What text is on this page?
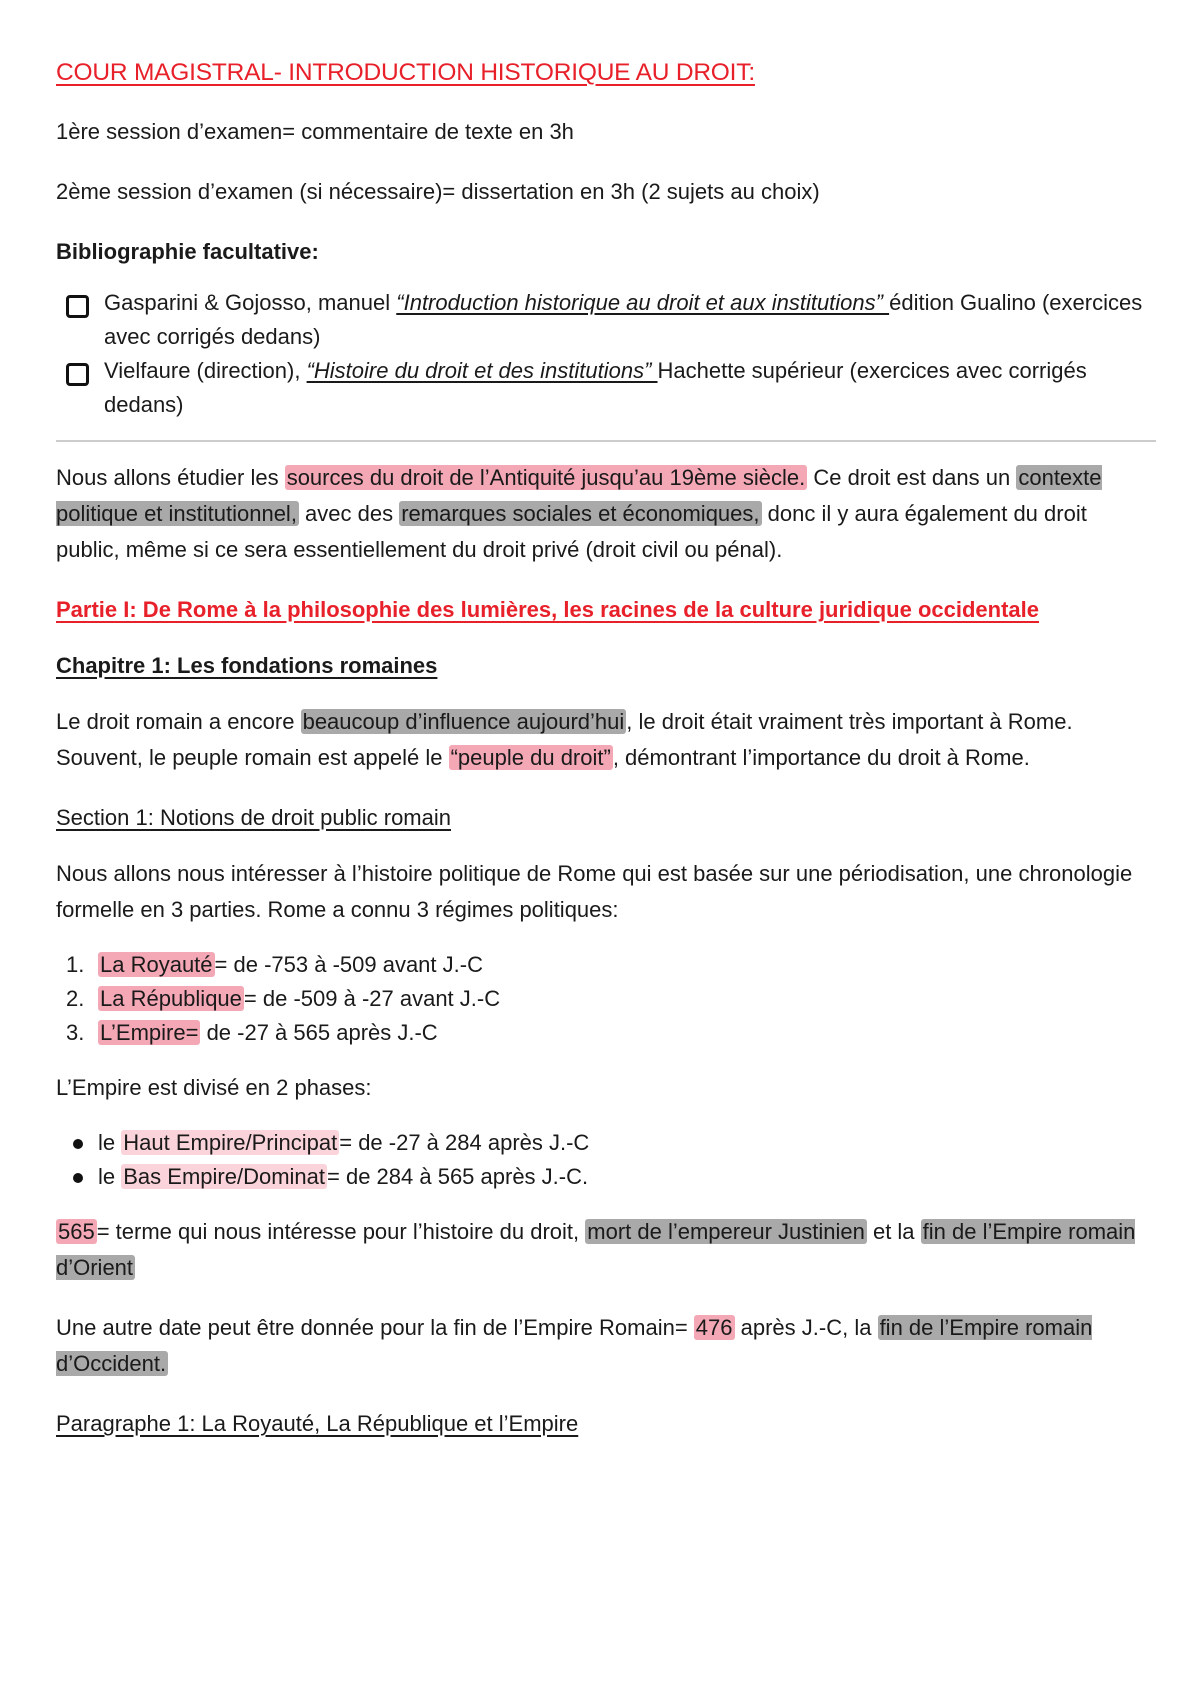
COUR MAGISTRAL- INTRODUCTION HISTORIQUE AU DROIT:

1ère session d’examen= commentaire de texte en 3h

2ème session d’examen (si nécessaire)= dissertation en 3h (2 sujets au choix)

Bibliographie facultative:

Gasparini & Gojosso, manuel “Introduction historique au droit et aux institutions” édition Gualino (exercices avec corrigés dedans)
Vielfaure (direction), “Histoire du droit et des institutions” Hachette supérieur (exercices avec corrigés dedans)

Nous allons étudier les sources du droit de l’Antiquité jusqu’au 19ème siècle. Ce droit est dans un contexte politique et institutionnel, avec des remarques sociales et économiques, donc il y aura également du droit public, même si ce sera essentiellement du droit privé (droit civil ou pénal).

Partie I: De Rome à la philosophie des lumières, les racines de la culture juridique occidentale
Chapitre 1: Les fondations romaines

Le droit romain a encore beaucoup d’influence aujourd’hui, le droit était vraiment très important à Rome. Souvent, le peuple romain est appelé le “peuple du droit”, démontrant l’importance du droit à Rome.

Section 1: Notions de droit public romain

Nous allons nous intéresser à l’histoire politique de Rome qui est basée sur une périodisation, une chronologie formelle en 3 parties. Rome a connu 3 régimes politiques:

1. La Royauté= de -753 à -509 avant J.-C
2. La République= de -509 à -27 avant J.-C
3. L’Empire= de -27 à 565 après J.-C

L’Empire est divisé en 2 phases:

le Haut Empire/Principat= de -27 à 284 après J.-C
le Bas Empire/Dominat= de 284 à 565 après J.-C.

565= terme qui nous intéresse pour l’histoire du droit, mort de l’empereur Justinien et la fin de l’Empire romain d’Orient

Une autre date peut être donnée pour la fin de l’Empire Romain= 476 après J.-C, la fin de l’Empire romain d’Occident.

Paragraphe 1: La Royauté, La République et l’Empire
